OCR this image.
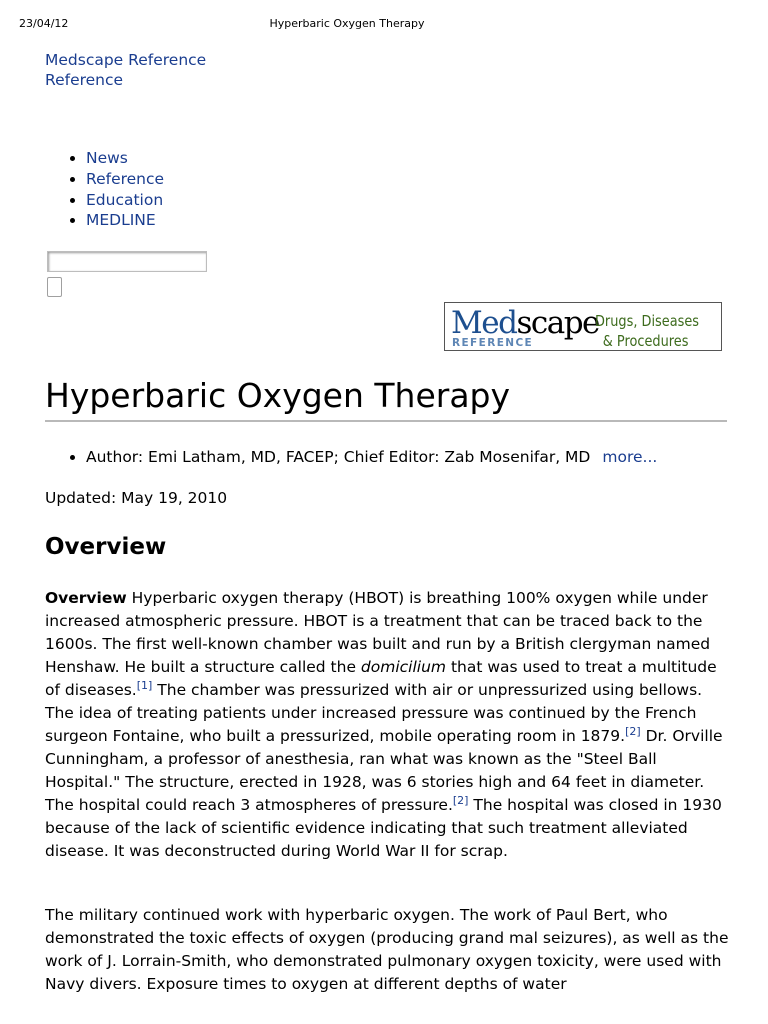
23/04/12	Hyperbaric Oxygen Therapy
Medscape Reference
Reference
• News
• Reference
• Education
• MEDLINE
Medscape
REFERENCE
Drugs, Diseases
& Procedures
Hyperbaric Oxygen Therapy
• Author: Emi Latham, MD, FACEP; Chief Editor: Zab Mosenifar, MD more...
Updated: May 19, 2010
Overview

Overview Hyperbaric oxygen therapy (HBOT) is breathing 100% oxygen while under increased atmospheric pressure. HBOT is a treatment that can be traced back to the 1600s. The first well-known chamber was built and run by a British clergyman named Henshaw. He built a structure called the domicilium that was used to treat a multitude of diseases.[1] The chamber was pressurized with air or unpressurized using bellows. The idea of treating patients under increased pressure was continued by the French surgeon Fontaine, who built a pressurized, mobile operating room in 1879.[2] Dr. Orville Cunningham, a professor of anesthesia, ran what was known as the "Steel Ball Hospital." The structure, erected in 1928, was 6 stories high and 64 feet in diameter. The hospital could reach 3 atmospheres of pressure.[2] The hospital was closed in 1930 because of the lack of scientific evidence indicating that such treatment alleviated disease. It was deconstructed during World War II for scrap.

The military continued work with hyperbaric oxygen. The work of Paul Bert, who demonstrated the toxic effects of oxygen (producing grand mal seizures), as well as the work of J. Lorrain-Smith, who demonstrated pulmonary oxygen toxicity, were used with Navy divers. Exposure times to oxygen at different depths of water
